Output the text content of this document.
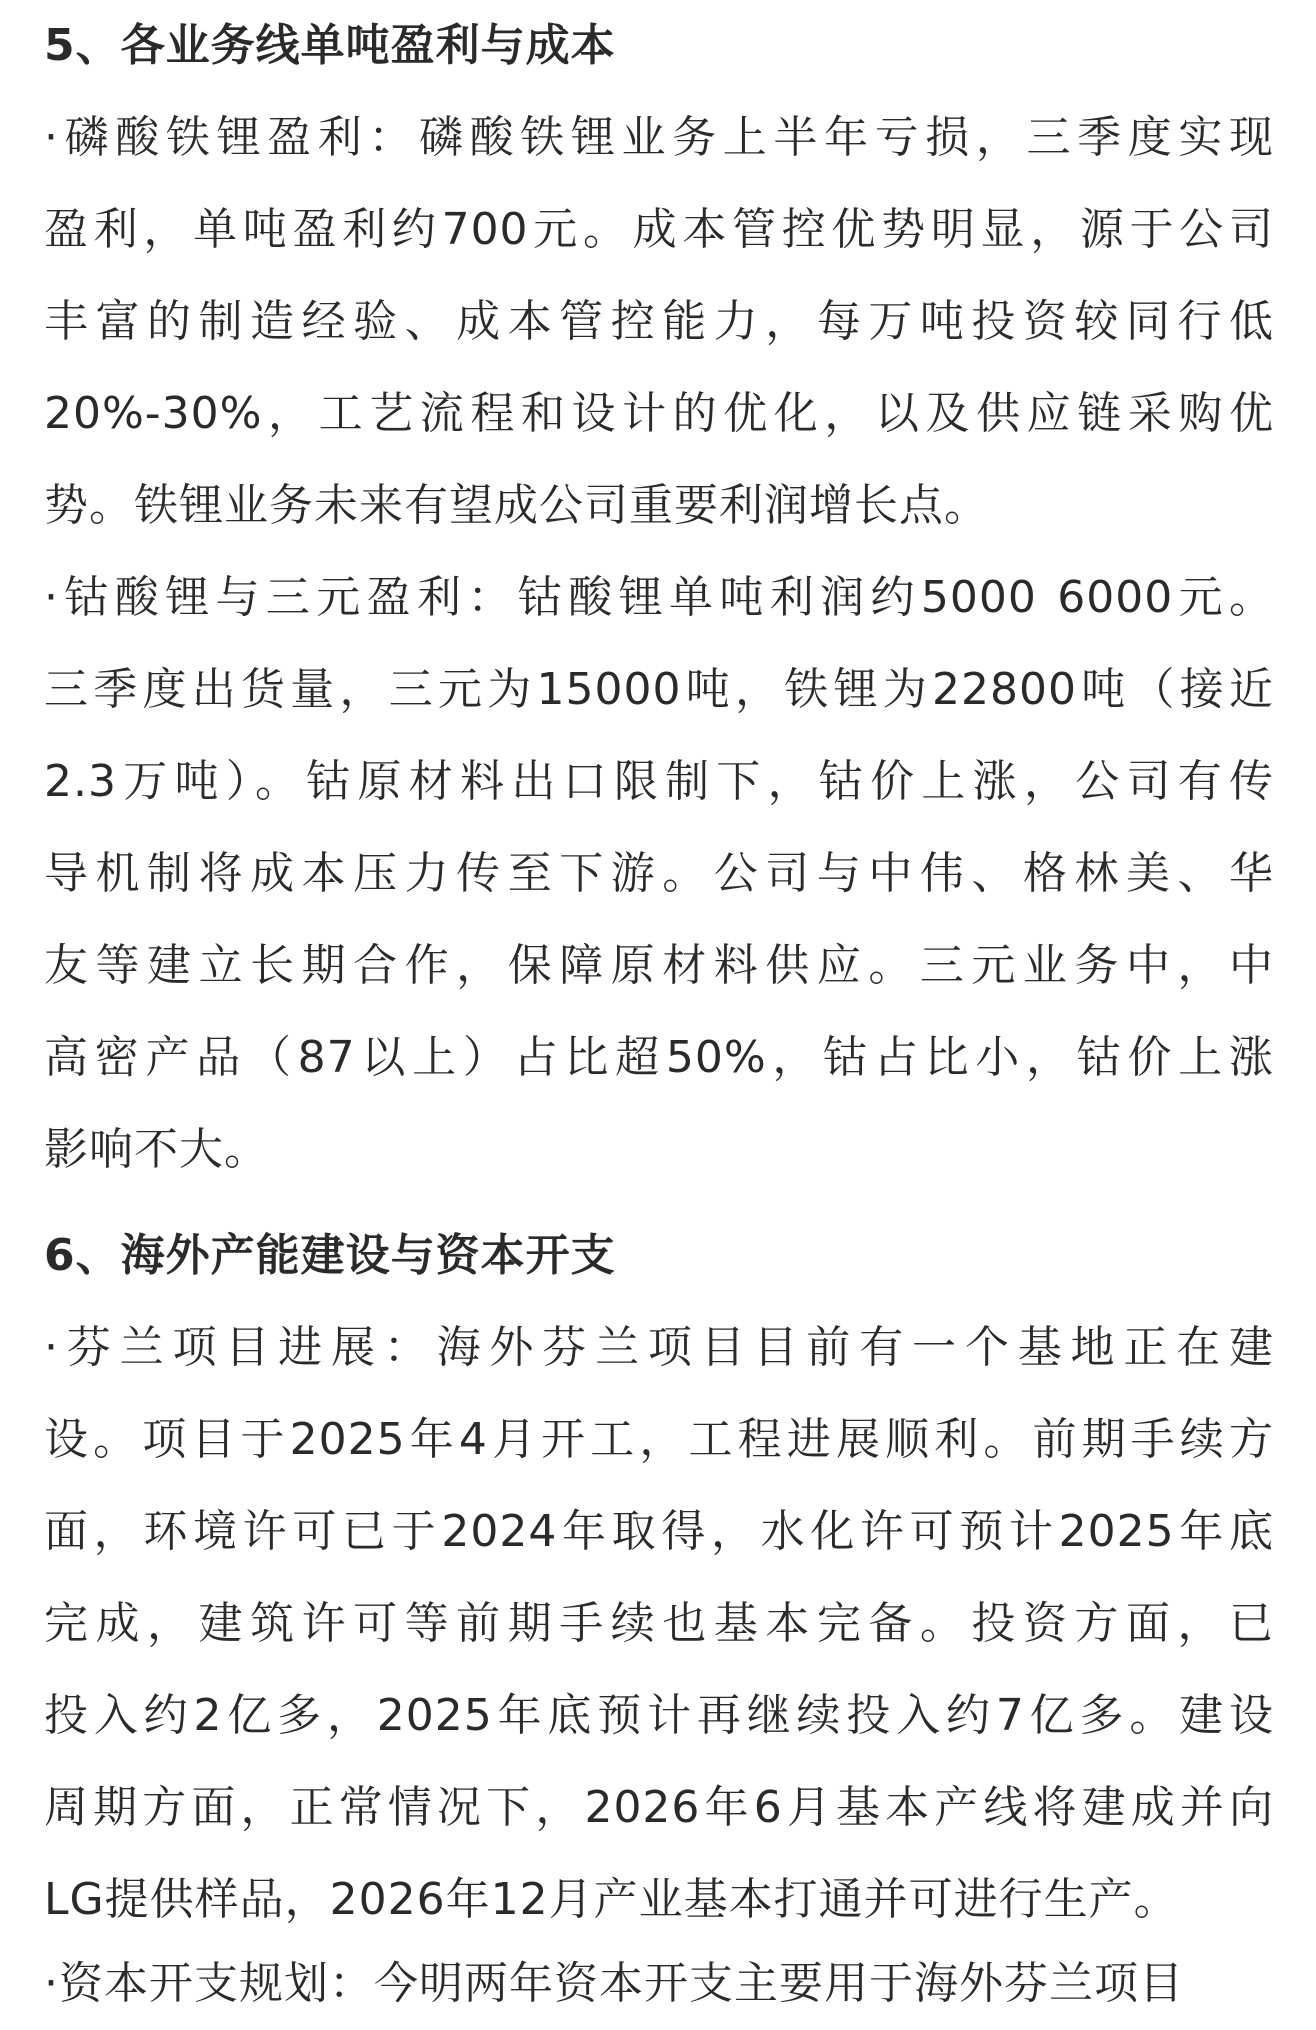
5、各业务线单吨盈利与成本
·磷酸铁锂盈利：磷酸铁锂业务上半年亏损，三季度实现
盈利，单吨盈利约700元。成本管控优势明显，源于公司
丰富的制造经验、成本管控能力，每万吨投资较同行低
20%-30%，工艺流程和设计的优化，以及供应链采购优
势。铁锂业务未来有望成公司重要利润增长点。
·钴酸锂与三元盈利：钴酸锂单吨利润约5000 6000元。
三季度出货量，三元为15000吨，铁锂为22800吨（接近
2.3万吨）。钴原材料出口限制下，钴价上涨，公司有传
导机制将成本压力传至下游。公司与中伟、格林美、华
友等建立长期合作，保障原材料供应。三元业务中，中
高密产品（87以上）占比超50%，钴占比小，钴价上涨
影响不大。
6、海外产能建设与资本开支
·芬兰项目进展：海外芬兰项目目前有一个基地正在建
设。项目于2025年4月开工，工程进展顺利。前期手续方
面，环境许可已于2024年取得，水化许可预计2025年底
完成，建筑许可等前期手续也基本完备。投资方面，已
投入约2亿多，2025年底预计再继续投入约7亿多。建设
周期方面，正常情况下，2026年6月基本产线将建成并向
LG提供样品，2026年12月产业基本打通并可进行生产。
·资本开支规划：今明两年资本开支主要用于海外芬兰项目
